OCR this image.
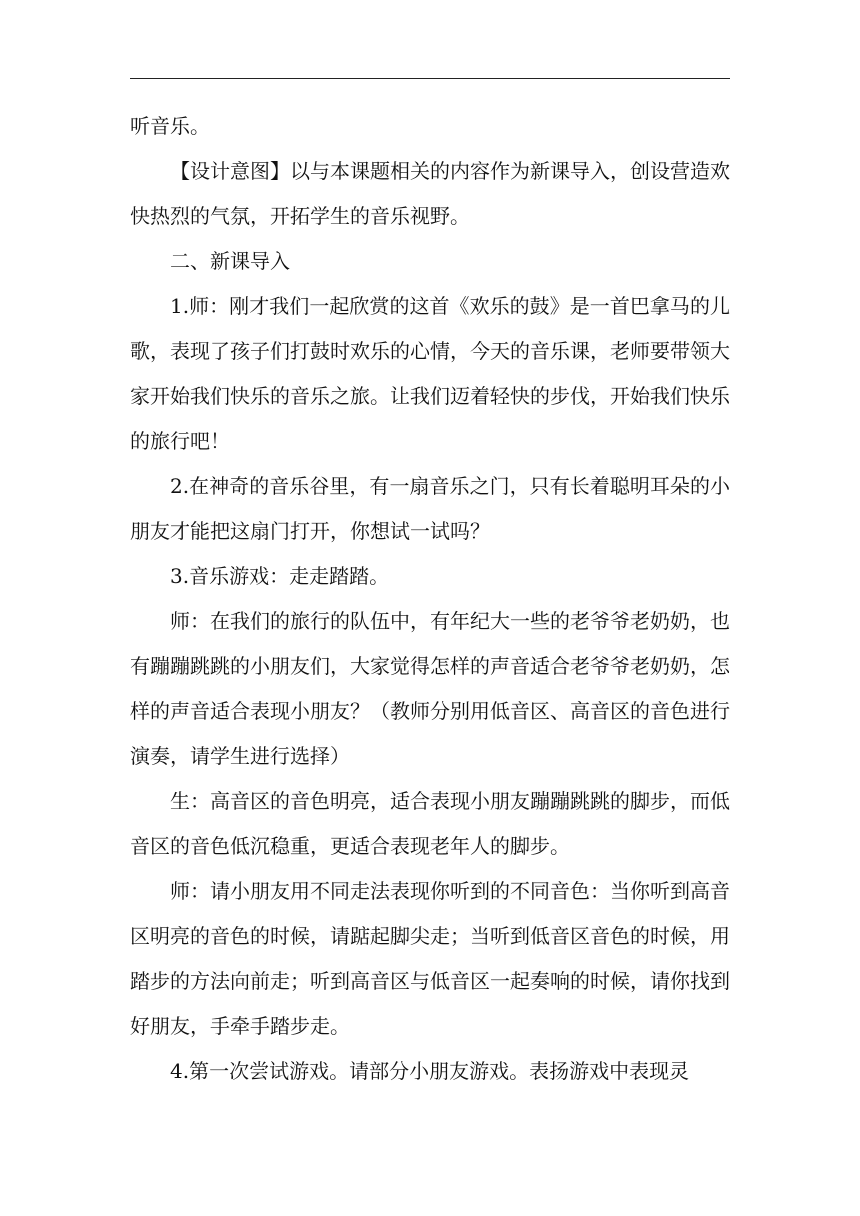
听音乐。

【设计意图】以与本课题相关的内容作为新课导入，创设营造欢快热烈的气氛，开拓学生的音乐视野。

二、新课导入

1.师：刚才我们一起欣赏的这首《欢乐的鼓》是一首巴拿马的儿歌，表现了孩子们打鼓时欢乐的心情，今天的音乐课，老师要带领大家开始我们快乐的音乐之旅。让我们迈着轻快的步伐，开始我们快乐的旅行吧！

2.在神奇的音乐谷里，有一扇音乐之门，只有长着聪明耳朵的小朋友才能把这扇门打开，你想试一试吗？

3.音乐游戏：走走踏踏。

师：在我们的旅行的队伍中，有年纪大一些的老爷爷老奶奶，也有蹦蹦跳跳的小朋友们，大家觉得怎样的声音适合老爷爷老奶奶，怎样的声音适合表现小朋友？（教师分别用低音区、高音区的音色进行演奏，请学生进行选择）

生：高音区的音色明亮，适合表现小朋友蹦蹦跳跳的脚步，而低音区的音色低沉稳重，更适合表现老年人的脚步。

师：请小朋友用不同走法表现你听到的不同音色：当你听到高音区明亮的音色的时候，请踮起脚尖走；当听到低音区音色的时候，用踏步的方法向前走；听到高音区与低音区一起奏响的时候，请你找到好朋友，手牵手踏步走。

4.第一次尝试游戏。请部分小朋友游戏。表扬游戏中表现灵
